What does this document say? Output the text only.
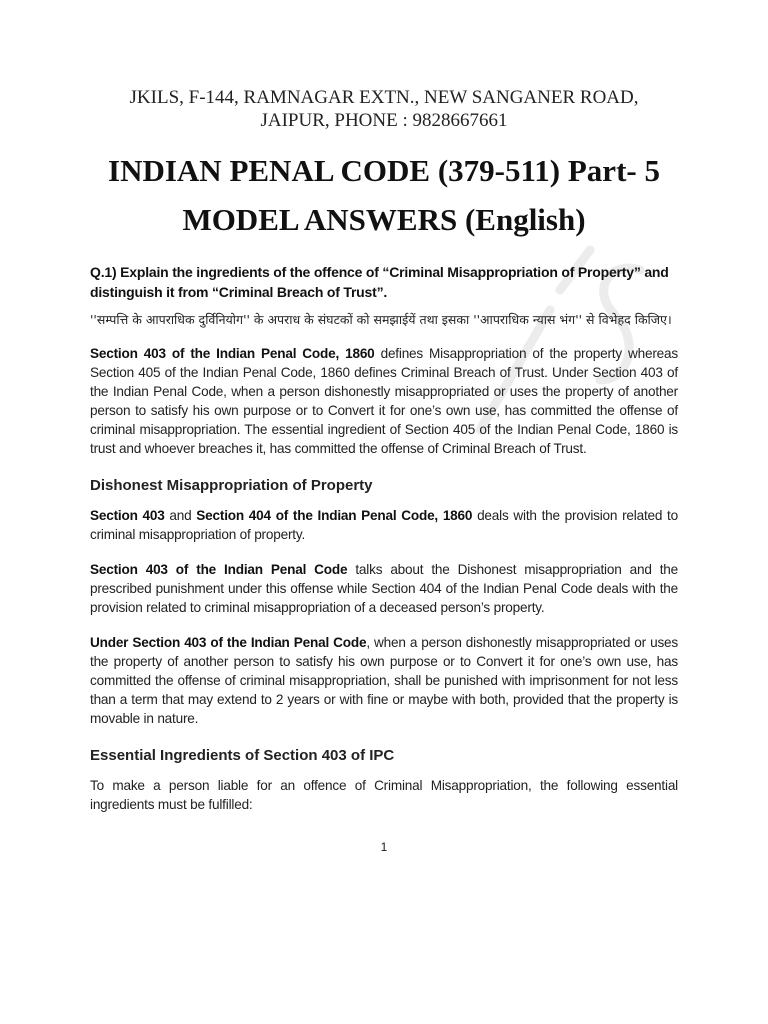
JKILS, F-144, RAMNAGAR EXTN., NEW SANGANER ROAD,
JAIPUR, PHONE : 9828667661
INDIAN PENAL CODE (379-511) Part- 5
MODEL ANSWERS (English)
Q.1) Explain the ingredients of the offence of “Criminal Misappropriation of Property” and distinguish it from “Criminal Breach of Trust”.
''सम्पत्ति के आपराधिक दुर्विनियोग'' के अपराध के संघटकों को समझाईयें तथा इसका ''आपराधिक न्यास भंग'' से विभेहद किजिए।
Section 403 of the Indian Penal Code, 1860 defines Misappropriation of the property whereas Section 405 of the Indian Penal Code, 1860 defines Criminal Breach of Trust. Under Section 403 of the Indian Penal Code, when a person dishonestly misappropriated or uses the property of another person to satisfy his own purpose or to Convert it for one’s own use, has committed the offense of criminal misappropriation. The essential ingredient of Section 405 of the Indian Penal Code, 1860 is trust and whoever breaches it, has committed the offense of Criminal Breach of Trust.
Dishonest Misappropriation of Property
Section 403 and Section 404 of the Indian Penal Code, 1860 deals with the provision related to criminal misappropriation of property.
Section 403 of the Indian Penal Code talks about the Dishonest misappropriation and the prescribed punishment under this offense while Section 404 of the Indian Penal Code deals with the provision related to criminal misappropriation of a deceased person’s property.
Under Section 403 of the Indian Penal Code, when a person dishonestly misappropriated or uses the property of another person to satisfy his own purpose or to Convert it for one’s own use, has committed the offense of criminal misappropriation, shall be punished with imprisonment for not less than a term that may extend to 2 years or with fine or maybe with both, provided that the property is movable in nature.
Essential Ingredients of Section 403 of IPC
To make a person liable for an offence of Criminal Misappropriation, the following essential ingredients must be fulfilled:
1
